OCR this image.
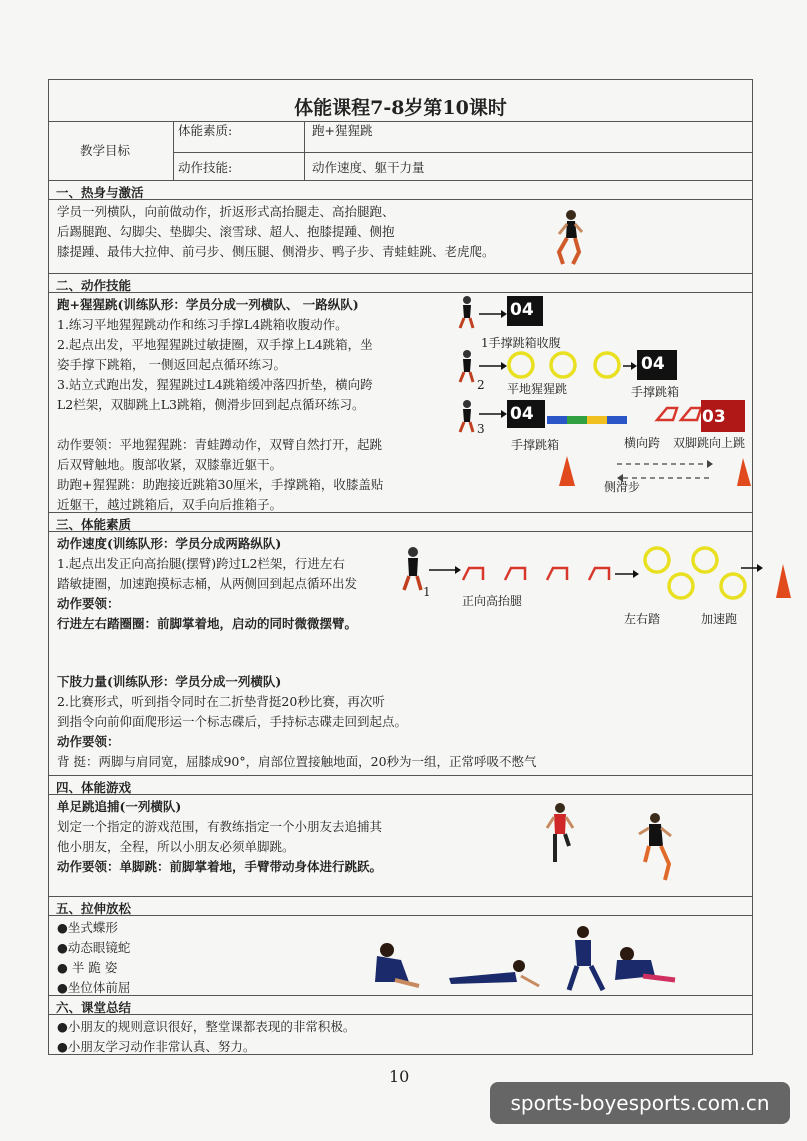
体能课程7-8岁第10课时
教学目标
体能素质:	跑+猩猩跳
动作技能:	动作速度、躯干力量
一、热身与激活
学员一列横队，向前做动作，折返形式高抬腿走、高抬腿跑、
后踢腿跑、勾脚尖、垫脚尖、滚雪球、超人、抱膝提踵、侧抱
膝提踵、最伟大拉伸、前弓步、侧压腿、侧滑步、鸭子步、青蛙蛙跳、老虎爬。
二、动作技能
跑+猩猩跳(训练队形：学员分成一列横队、 一路纵队)
1.练习平地猩猩跳动作和练习手撑L4跳箱收腹动作。
2.起点出发，平地猩猩跳过敏捷圈，双手撑上L4跳箱，坐
姿手撑下跳箱， 一侧返回起点循环练习。
3.站立式跑出发，猩猩跳过L4跳箱缓冲落四折垫，横向跨
L2栏架，双脚跳上L3跳箱，侧滑步回到起点循环练习。
动作要领：平地猩猩跳：青蛙蹲动作，双臂自然打开，起跳
后双臂触地。腹部收紧，双膝靠近躯干。
助跑+猩猩跳：助跑接近跳箱30厘米，手撑跳箱，收膝盖贴
近躯干，越过跳箱后，双手向后推箱子。
04
1手撑跳箱收腹
2 平地猩猩跳
04
手撑跳箱
3
04
手撑跳箱	横向跨 双脚跳向上跳
03
侧滑步
三、体能素质
动作速度(训练队形：学员分成两路纵队)
1.起点出发正向高抬腿(摆臂)跨过L2栏架，行进左右
踏敏捷圈，加速跑摸标志桶，从两侧回到起点循环出发
动作要领：
行进左右踏圈圈：前脚掌着地，启动的同时微微摆臂。
1
正向高抬腿
左右踏	加速跑
下肢力量(训练队形：学员分成一列横队)
2.比赛形式，听到指令同时在二折垫背挺20秒比赛，再次听
到指令向前仰面爬形运一个标志碟后，手持标志碟走回到起点。
动作要领：
背 挺：两脚与肩同宽，屈膝成90°，肩部位置接触地面，20秒为一组，正常呼吸不憋气
四、体能游戏
单足跳追捕(一列横队)
划定一个指定的游戏范围，有教练指定一个小朋友去追捕其
他小朋友，全程，所以小朋友必须单脚跳。
动作要领：单脚跳：前脚掌着地，手臂带动身体进行跳跃。
五、拉伸放松
●坐式蝶形
●动态眼镜蛇
● 半 跪 姿
●坐位体前屈
六、课堂总结
●小朋友的规则意识很好，整堂课都表现的非常积极。
●小朋友学习动作非常认真、努力。
10
sports-boyesports.com.cn
